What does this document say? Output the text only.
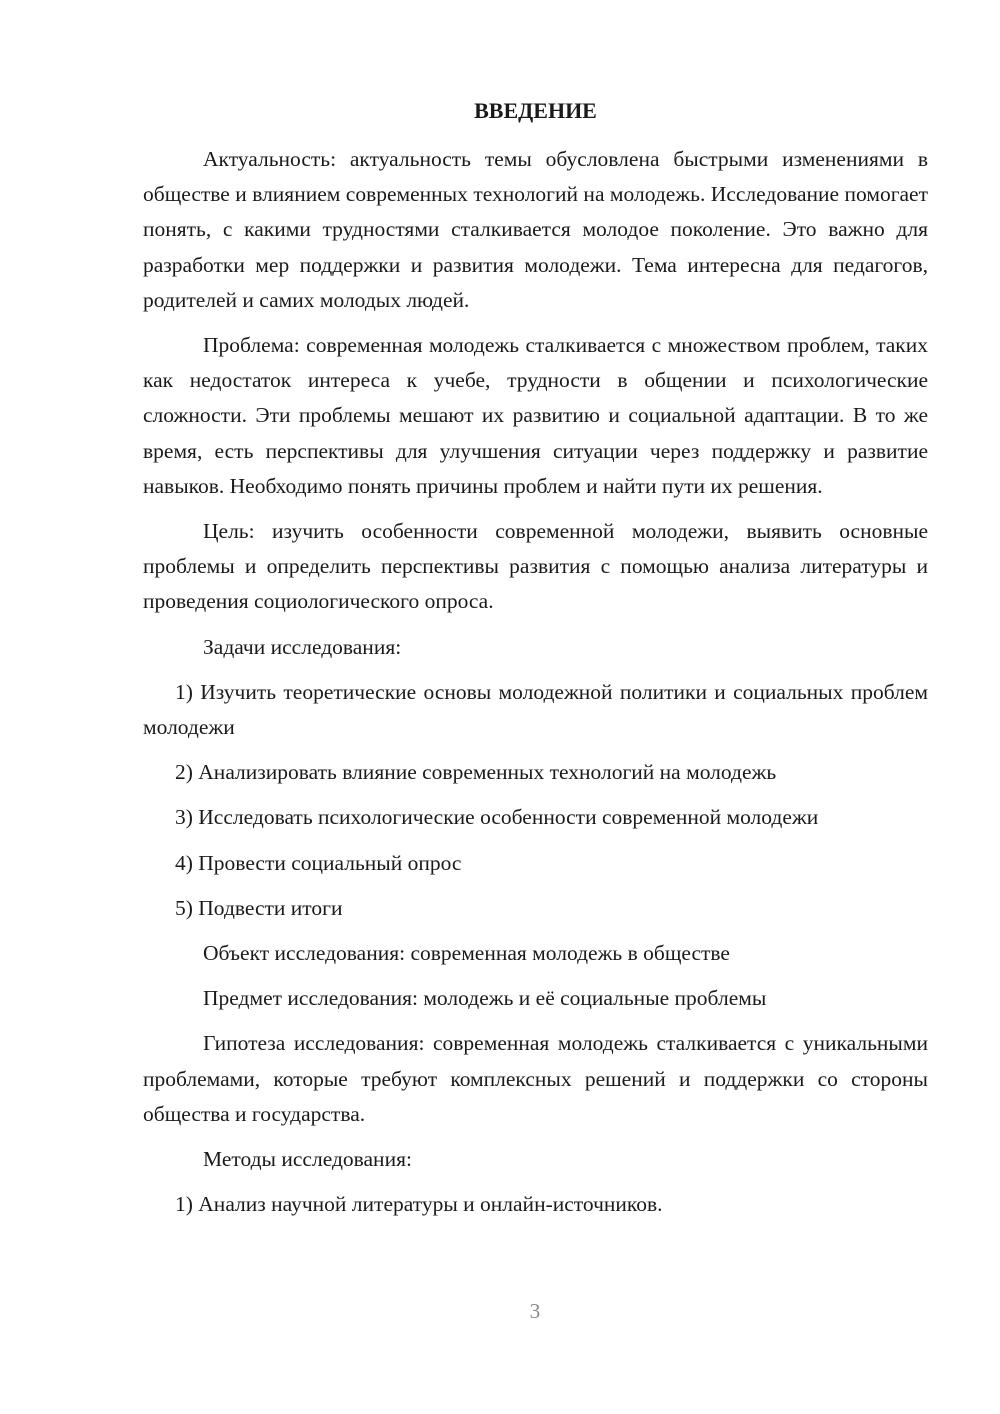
ВВЕДЕНИЕ

Актуальность: актуальность темы обусловлена быстрыми изменениями в обществе и влиянием современных технологий на молодежь. Исследование помогает понять, с какими трудностями сталкивается молодое поколение. Это важно для разработки мер поддержки и развития молодежи. Тема интересна для педагогов, родителей и самих молодых людей.

Проблема: современная молодежь сталкивается с множеством проблем, таких как недостаток интереса к учебе, трудности в общении и психологические сложности. Эти проблемы мешают их развитию и социальной адаптации. В то же время, есть перспективы для улучшения ситуации через поддержку и развитие навыков. Необходимо понять причины проблем и найти пути их решения.

Цель: изучить особенности современной молодежи, выявить основные проблемы и определить перспективы развития с помощью анализа литературы и проведения социологического опроса.

Задачи исследования:

1) Изучить теоретические основы молодежной политики и социальных проблем молодежи

2) Анализировать влияние современных технологий на молодежь

3) Исследовать психологические особенности современной молодежи

4) Провести социальный опрос

5) Подвести итоги

Объект исследования: современная молодежь в обществе

Предмет исследования: молодежь и её социальные проблемы

Гипотеза исследования: современная молодежь сталкивается с уникальными проблемами, которые требуют комплексных решений и поддержки со стороны общества и государства.

Методы исследования:

1) Анализ научной литературы и онлайн-источников.

3
